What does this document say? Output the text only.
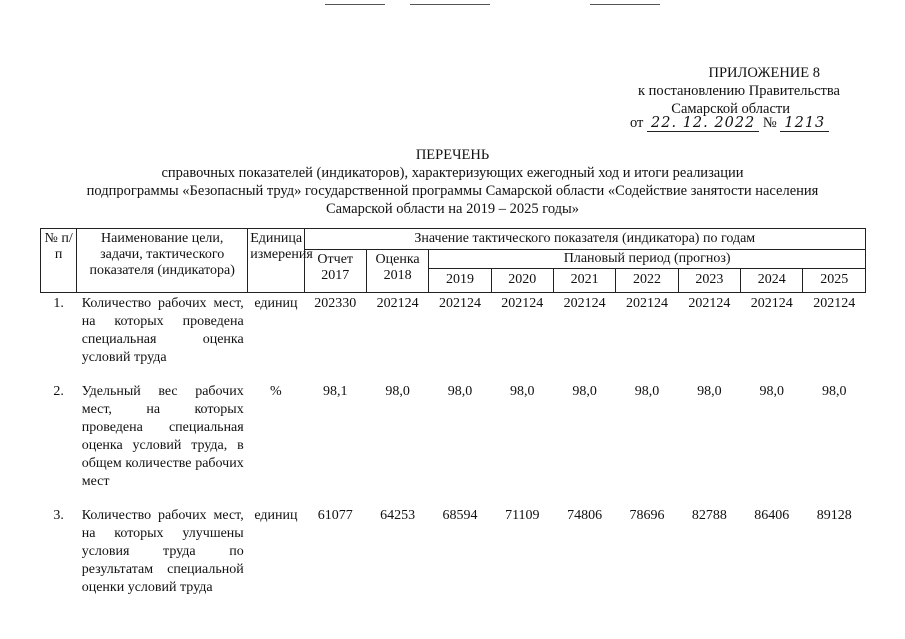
ПРИЛОЖЕНИЕ 8
к постановлению Правительства
Самарской области
от 22. 12. 2022 № 1213
ПЕРЕЧЕНЬ
справочных показателей (индикаторов), характеризующих ежегодный ход и итоги реализации
подпрограммы «Безопасный труд» государственной программы Самарской области «Содействие занятости населения
Самарской области на 2019 – 2025 годы»
№ п/п	Наименование цели, задачи, тактического показателя (индикатора)	Единица измерения	Значение тактического показателя (индикатора) по годам								
			Отчет 2017	Оценка 2018	Плановый период (прогноз)						
					2019	2020	2021	2022	2023	2024	2025
1.	Количество рабочих мест, на которых проведена специальная оценка условий труда	единиц	202330	202124	202124	202124	202124	202124	202124	202124	202124

2.	Удельный вес рабочих мест, на которых проведена специальная оценка условий труда, в общем количестве рабочих мест	%	98,1	98,0	98,0	98,0	98,0	98,0	98,0	98,0	98,0

3.	Количество рабочих мест, на которых улучшены условия труда по результатам специальной оценки условий труда	единиц	61077	64253	68594	71109	74806	78696	82788	86406	89128
